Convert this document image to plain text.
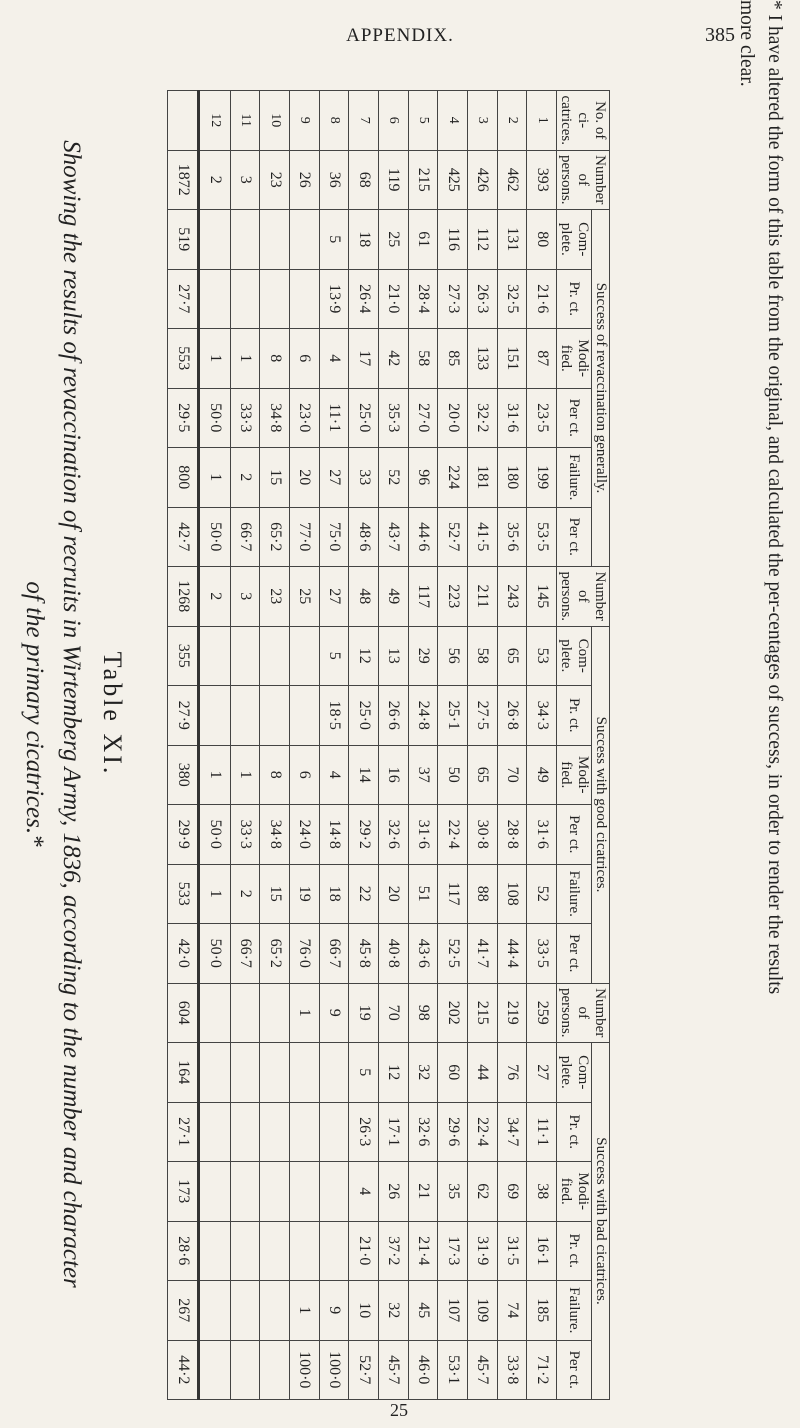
APPENDIX.	385 * I have altered the form of this table from the original, and calculated the per-centages of success, in order to render the results
more clear.
No. of ci-catrices.	Number of persons.	Success of revaccination generally.						Number of persons.	Success with good cicatrices.						Number of persons.	Success with bad cicatrices.					
		Com-plete.	Pr. ct.	Modi-fied.	Per ct.	Failure.	Per ct.		Com-plete.	Pr. ct.	Modi-fied.	Per ct.	Failure.	Per ct.		Com-plete.	Pr. ct.	Modi-fied.	Pr. ct.	Failure.	Per ct.
1	393	80	21·6	87	23·5	199	53·5	145	53	34·3	49	31·6	52	33·5	259	27	11·1	38	16·1	185	71·2
2	462	131	32·5	151	31·6	180	35·6	243	65	26·8	70	28·8	108	44·4	219	76	34·7	69	31·5	74	33·8
3	426	112	26·3	133	32·2	181	41·5	211	58	27·5	65	30·8	88	41·7	215	44	22·4	62	31·9	109	45·7
4	425	116	27·3	85	20·0	224	52·7	223	56	25·1	50	22·4	117	52·5	202	60	29·6	35	17·3	107	53·1
5	215	61	28·4	58	27·0	96	44·6	117	29	24·8	37	31·6	51	43·6	98	32	32·6	21	21·4	45	46·0
6	119	25	21·0	42	35·3	52	43·7	49	13	26·6	16	32·6	20	40·8	70	12	17·1	26	37·2	32	45·7
7	68	18	26·4	17	25·0	33	48·6	48	12	25·0	14	29·2	22	45·8	19	5	26·3	4	21·0	10	52·7
8	36	5	13·9	4	11·1	27	75·0	27	5	18·5	4	14·8	18	66·7	9					9	100·0
9	26			6	23·0	20	77·0	25			6	24·0	19	76·0	1					1	100·0
10	23			8	34·8	15	65·2	23			8	34·8	15	65·2							
11	3			1	33·3	2	66·7	3			1	33·3	2	66·7							
12	2			1	50·0	1	50·0	2			1	50·0	1	50·0							
	1872	519	27·7	553	29·5	800	42·7	1268	355	27·9	380	29·9	533	42·0	604	164	27·1	173	28·6	267	44·2
Table XI.
Showing the results of revaccination of recruits in Wirtemberg Army, 1836, according to the number and character
of the primary cicatrices.*
25
